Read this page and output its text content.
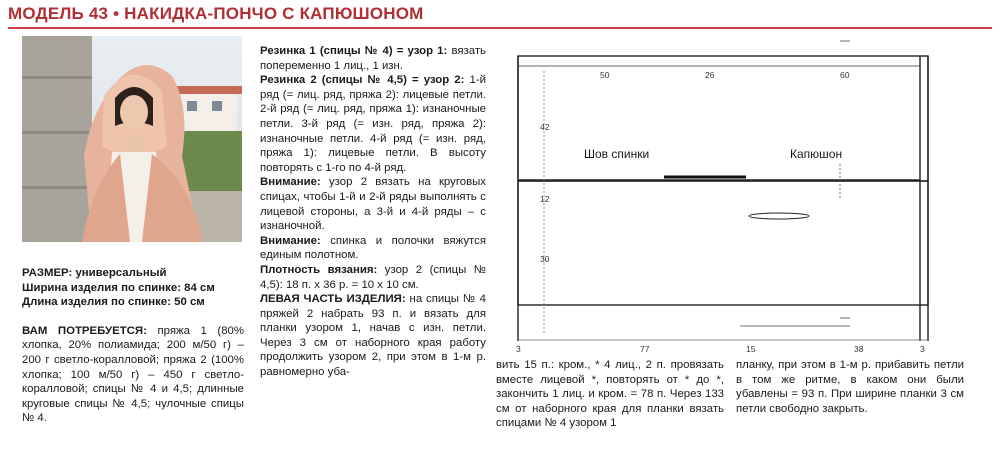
МОДЕЛЬ 43 • НАКИДКА-ПОНЧО С КАПЮШОНОМ

РАЗМЕР: универсальный

Ширина изделия по спинке: 84 см

Длина изделия по спинке: 50 см

ВАМ ПОТРЕБУЕТСЯ: пряжа 1 (80% хлопка, 20% полиамида; 200 м/50 г) – 200 г светло-коралловой; пряжа 2 (100% хлопка; 100 м/50 г) – 450 г светло-коралловой; спицы № 4 и 4,5; длинные круговые спицы № 4,5; чулочные спицы № 4.

Резинка 1 (спицы № 4) = узор 1: вязать попеременно 1 лиц., 1 изн.

Резинка 2 (спицы № 4,5) = узор 2: 1-й ряд (= лиц. ряд, пряжа 2): лицевые петли. 2-й ряд (= лиц. ряд, пряжа 1): изнаночные петли. 3-й ряд (= изн. ряд, пряжа 2): изнаночные петли. 4-й ряд (= изн. ряд, пряжа 1): лицевые петли. В высоту повторять с 1-го по 4-й ряд.

Внимание: узор 2 вязать на круговых спицах, чтобы 1-й и 2-й ряды выполнять с лицевой стороны, а 3-й и 4-й ряды – с изнаночной.

Внимание: спинка и полочки вяжутся единым полотном.

Плотность вязания: узор 2 (спицы № 4,5): 18 п. х 36 р. = 10 х 10 см.

ЛЕВАЯ ЧАСТЬ ИЗДЕЛИЯ: на спицы № 4 пряжей 2 набрать 93 п. и вязать для планки узором 1, начав с изн. петли. Через 3 см от наборного края работу продолжить узором 2, при этом в 1-м р. равномерно уба-

Шов спинки	Капюшон
50	26	60
42
12
30
3	77	15	38	3

вить 15 п.: кром., * 4 лиц., 2 п. провязать вместе лицевой *, повторять от * до *, закончить 1 лиц. и кром. = 78 п. Через 133 см от наборного края для планки вязать спицами № 4 узором 1

планку, при этом в 1-м р. прибавить петли в том же ритме, в каком они были убавлены = 93 п. При ширине планки 3 см петли свободно закрыть.
